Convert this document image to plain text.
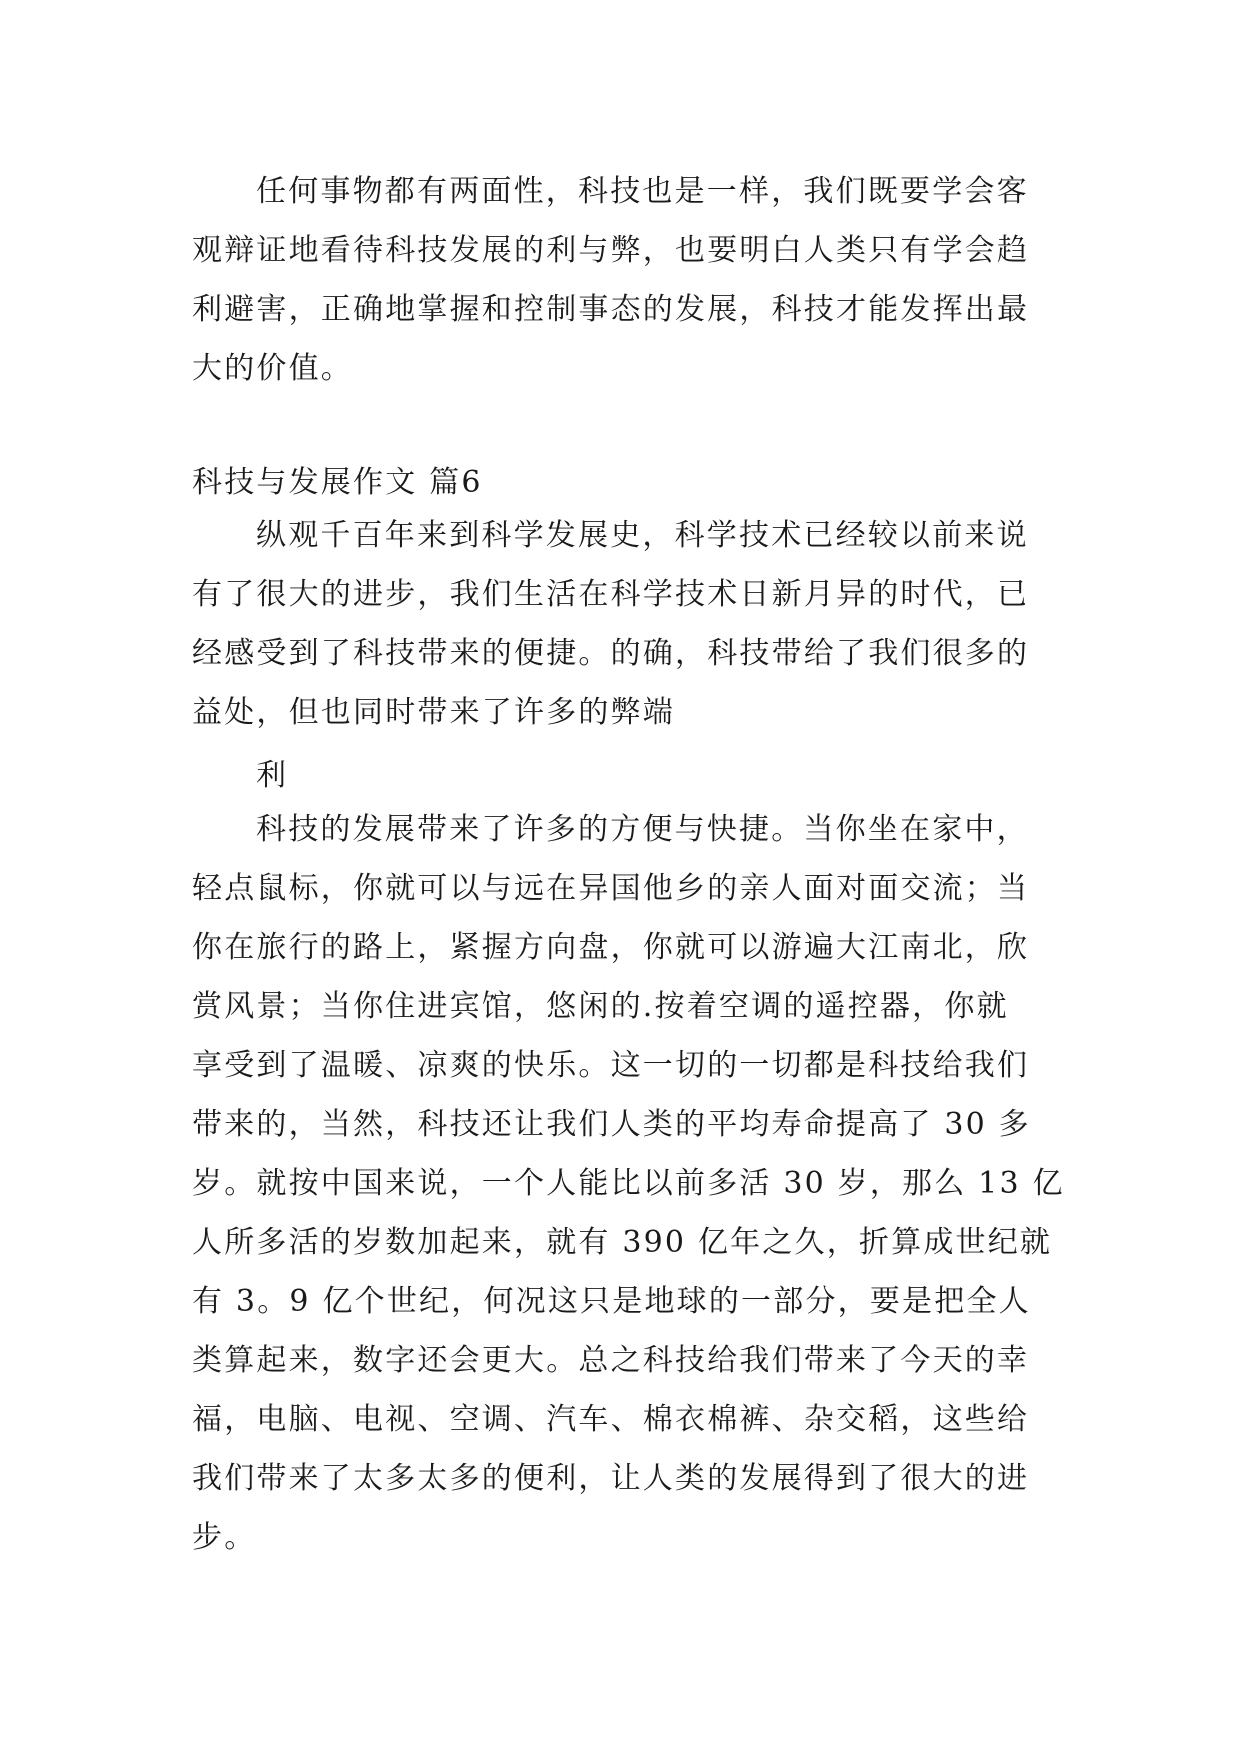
任何事物都有两面性，科技也是一样，我们既要学会客
观辩证地看待科技发展的利与弊，也要明白人类只有学会趋
利避害，正确地掌握和控制事态的发展，科技才能发挥出最
大的价值。
科技与发展作文 篇6
纵观千百年来到科学发展史，科学技术已经较以前来说
有了很大的进步，我们生活在科学技术日新月异的时代，已
经感受到了科技带来的便捷。的确，科技带给了我们很多的
益处，但也同时带来了许多的弊端
利
科技的发展带来了许多的方便与快捷。当你坐在家中，
轻点鼠标，你就可以与远在异国他乡的亲人面对面交流；当
你在旅行的路上，紧握方向盘，你就可以游遍大江南北，欣
赏风景；当你住进宾馆，悠闲的.按着空调的遥控器，你就
享受到了温暖、凉爽的快乐。这一切的一切都是科技给我们
带来的，当然，科技还让我们人类的平均寿命提高了 30 多
岁。就按中国来说，一个人能比以前多活 30 岁，那么 13 亿
人所多活的岁数加起来，就有 390 亿年之久，折算成世纪就
有 3。9 亿个世纪，何况这只是地球的一部分，要是把全人
类算起来，数字还会更大。总之科技给我们带来了今天的幸
福，电脑、电视、空调、汽车、棉衣棉裤、杂交稻，这些给
我们带来了太多太多的便利，让人类的发展得到了很大的进
步。
